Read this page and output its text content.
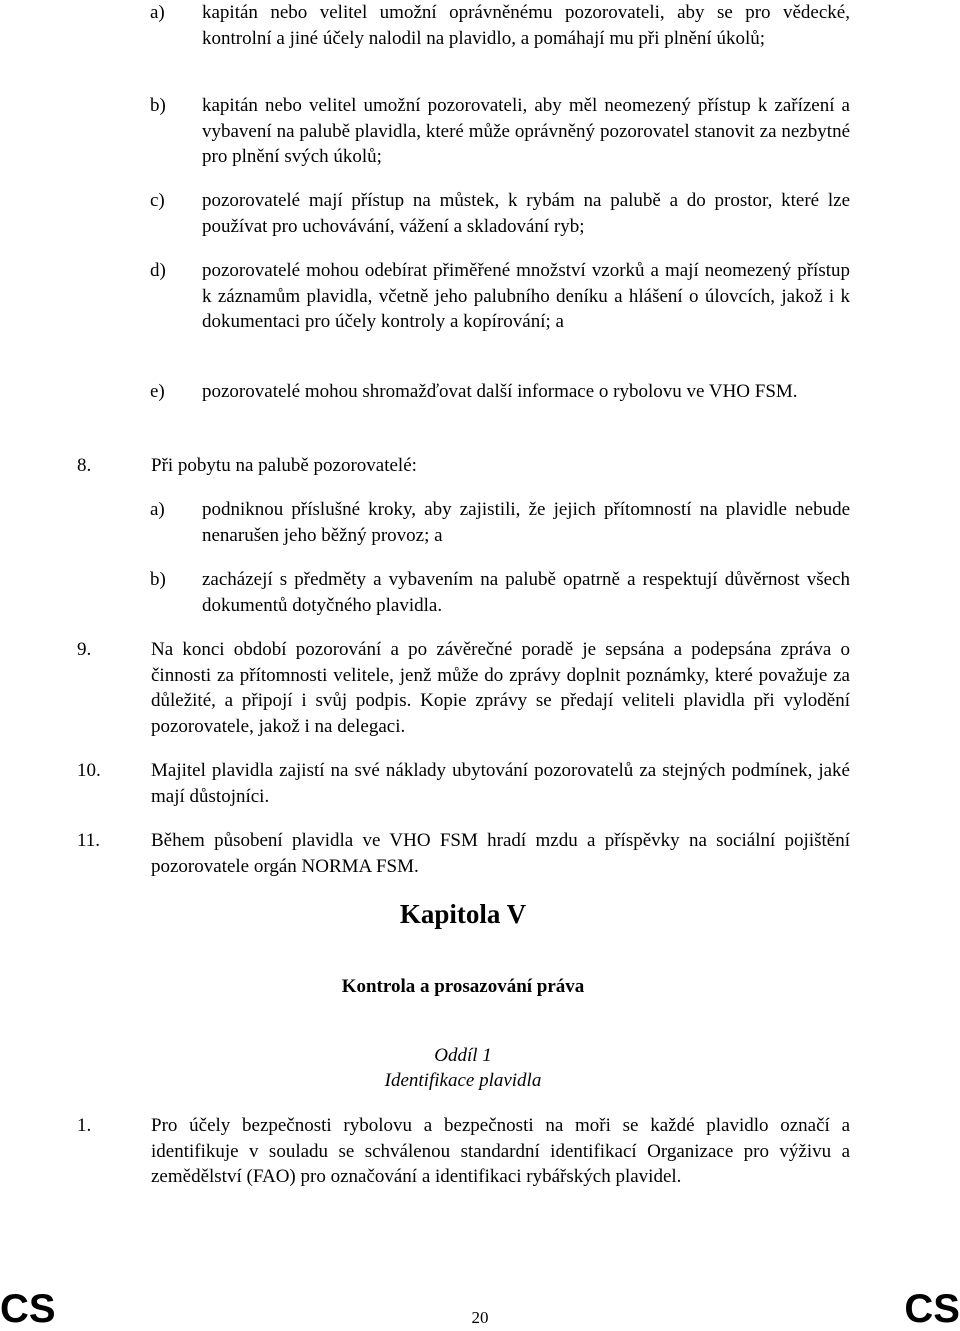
a) kapitán nebo velitel umožní oprávněnému pozorovateli, aby se pro vědecké, kontrolní a jiné účely nalodil na plavidlo, a pomáhají mu při plnění úkolů;
b) kapitán nebo velitel umožní pozorovateli, aby měl neomezený přístup k zařízení a vybavení na palubě plavidla, které může oprávněný pozorovatel stanovit za nezbytné pro plnění svých úkolů;
c) pozorovatelé mají přístup na můstek, k rybám na palubě a do prostor, které lze používat pro uchovávání, vážení a skladování ryb;
d) pozorovatelé mohou odebírat přiměřené množství vzorků a mají neomezený přístup k záznamům plavidla, včetně jeho palubního deníku a hlášení o úlovcích, jakož i k dokumentaci pro účely kontroly a kopírování; a
e) pozorovatelé mohou shromažďovat další informace o rybolovu ve VHO FSM.
8.	Při pobytu na palubě pozorovatelé:
a) podniknou příslušné kroky, aby zajistili, že jejich přítomností na plavidle nebude nenarušen jeho běžný provoz; a
b) zacházejí s předměty a vybavením na palubě opatrně a respektují důvěrnost všech dokumentů dotyčného plavidla.
9.	Na konci období pozorování a po závěrečné poradě je sepsána a podepsána zpráva o činnosti za přítomnosti velitele, jenž může do zprávy doplnit poznámky, které považuje za důležité, a připojí i svůj podpis. Kopie zprávy se předají veliteli plavidla při vylodění pozorovatele, jakož i na delegaci.
10.	Majitel plavidla zajistí na své náklady ubytování pozorovatelů za stejných podmínek, jaké mají důstojníci.
11.	Během působení plavidla ve VHO FSM hradí mzdu a příspěvky na sociální pojištění pozorovatele orgán NORMA FSM.
Kapitola V
Kontrola a prosazování práva
Oddíl 1
Identifikace plavidla
1.	Pro účely bezpečnosti rybolovu a bezpečnosti na moři se každé plavidlo označí a identifikuje v souladu se schválenou standardní identifikací Organizace pro výživu a zemědělství (FAO) pro označování a identifikaci rybářských plavidel.
CS	20	CS
